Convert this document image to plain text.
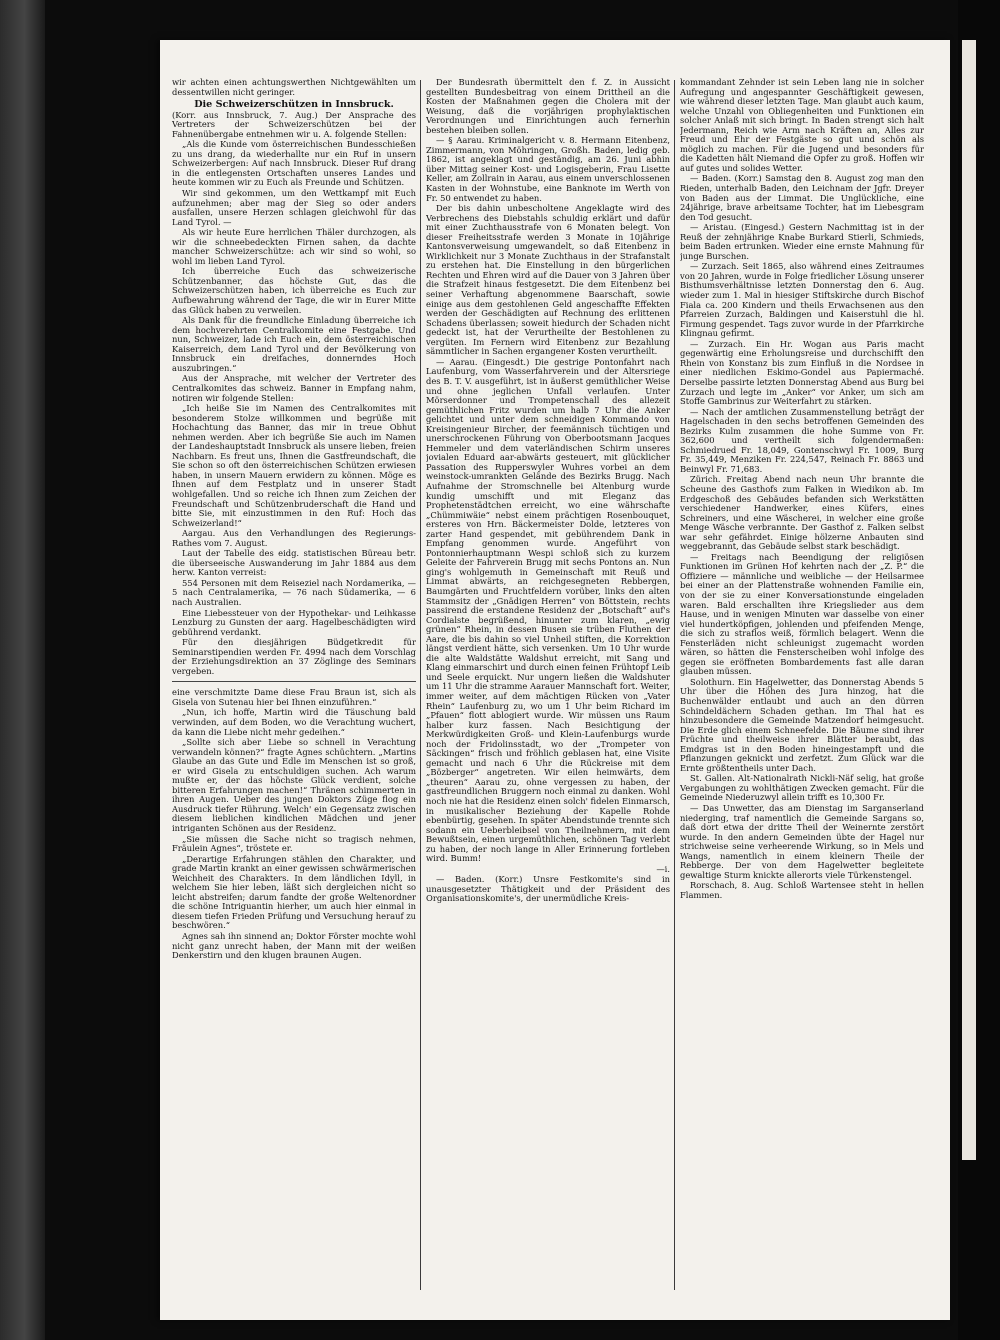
wir achten einen achtungswerthen Nichtgewählten um dessentwillen nicht geringer.

Die Schweizerschützen in Innsbruck.

(Korr. aus Innsbruck, 7. Aug.) Der Ansprache des Vertreters der Schweizerschützen bei der Fahnenübergabe entnehmen wir u. A. folgende Stellen:

„Als die Kunde vom österreichischen Bundesschießen zu uns drang, da wiederhallte nur ein Ruf in unsern Schweizerbergen: Auf nach Innsbruck. Dieser Ruf drang in die entlegensten Ortschaften unseres Landes und heute kommen wir zu Euch als Freunde und Schützen.

Wir sind gekommen, um den Wettkampf mit Euch aufzunehmen; aber mag der Sieg so oder anders ausfallen, unsere Herzen schlagen gleichwohl für das Land Tyrol. —

Als wir heute Eure herrlichen Thäler durchzogen, als wir die schneebedeckten Firnen sahen, da dachte mancher Schweizerschütze: ach wir sind so wohl, so wohl im lieben Land Tyrol.

Ich überreiche Euch das schweizerische Schützenbanner, das höchste Gut, das die Schweizerschützen haben, ich überreiche es Euch zur Aufbewahrung während der Tage, die wir in Eurer Mitte das Glück haben zu verweilen.

Als Dank für die freundliche Einladung überreiche ich dem hochverehrten Centralkomite eine Festgabe. Und nun, Schweizer, lade ich Euch ein, dem österreichischen Kaiserreich, dem Land Tyrol und der Bevölkerung von Innsbruck ein dreifaches, donnerndes Hoch auszubringen.“

Aus der Ansprache, mit welcher der Vertreter des Centralkomites das schweiz. Banner in Empfang nahm, notiren wir folgende Stellen:

„Ich heiße Sie im Namen des Centralkomites mit besonderem Stolze willkommen und begrüße mit Hochachtung das Banner, das mir in treue Obhut nehmen werden. Aber ich begrüße Sie auch im Namen der Landeshauptstadt Innsbruck als unsere lieben, freien Nachbarn. Es freut uns, Ihnen die Gastfreundschaft, die Sie schon so oft den österreichischen Schützen erwiesen haben, in unsern Mauern erwidern zu können. Möge es Ihnen auf dem Festplatz und in unserer Stadt wohlgefallen. Und so reiche ich Ihnen zum Zeichen der Freundschaft und Schützenbruderschaft die Hand und bitte Sie, mit einzustimmen in den Ruf: Hoch das Schweizerland!“

Aargau. Aus den Verhandlungen des Regierungs-Rathes vom 7. August.

Laut der Tabelle des eidg. statistischen Büreau betr. die überseeische Auswanderung im Jahr 1884 aus dem herw. Kanton verreist:

554 Personen mit dem Reiseziel nach Nordamerika, — 5 nach Centralamerika, — 76 nach Südamerika, — 6 nach Australien.

Eine Liebessteuer von der Hypothekar- und Leihkasse Lenzburg zu Gunsten der aarg. Hagelbeschädigten wird gebührend verdankt.

Für den diesjährigen Büdgetkredit für Seminarstipendien werden Fr. 4994 nach dem Vorschlag der Erziehungsdirektion an 37 Zöglinge des Seminars vergeben.

eine verschmitzte Dame diese Frau Braun ist, sich als Gisela von Sutenau hier bei Ihnen einzuführen.“

„Nun, ich hoffe, Martin wird die Täuschung bald verwinden, auf dem Boden, wo die Verachtung wuchert, da kann die Liebe nicht mehr gedeihen.“

„Sollte sich aber Liebe so schnell in Verachtung verwandeln können?“ fragte Agnes schüchtern. „Martins Glaube an das Gute und Edle im Menschen ist so groß, er wird Gisela zu entschuldigen suchen. Ach warum mußte er, der das höchste Glück verdient, solche bitteren Erfahrungen machen!“ Thränen schimmerten in ihren Augen. Ueber des jungen Doktors Züge flog ein Ausdruck tiefer Rührung. Welch' ein Gegensatz zwischen diesem lieblichen kindlichen Mädchen und jener intriganten Schönen aus der Residenz.

„Sie müssen die Sache nicht so tragisch nehmen, Fräulein Agnes“, tröstete er.

„Derartige Erfahrungen stählen den Charakter, und grade Martin krankt an einer gewissen schwärmerischen Weichheit des Charakters. In dem ländlichen Idyll, in welchem Sie hier leben, läßt sich dergleichen nicht so leicht abstreifen; darum fandte der große Weltenordner die schöne Intriguantin hierher, um auch hier einmal in diesem tiefen Frieden Prüfung und Versuchung herauf zu beschwören.“

Agnes sah ihn sinnend an; Doktor Förster mochte wohl nicht ganz unrecht haben, der Mann mit der weißen Denkerstirn und den klugen braunen Augen.

Der Bundesrath übermittelt den f. Z. in Aussicht gestellten Bundesbeitrag von einem Drittheil an die Kosten der Maßnahmen gegen die Cholera mit der Weisung, daß die vorjährigen prophylaktischen Verordnungen und Einrichtungen auch fernerhin bestehen bleiben sollen.

— § Aarau. Kriminalgericht v. 8. Hermann Eitenbenz, Zimmermann, von Möhringen, Großh. Baden, ledig geb. 1862, ist angeklagt und geständig, am 26. Juni abhin über Mittag seiner Kost- und Logisgeberin, Frau Lisette Keller, am Zollrain in Aarau, aus einem unverschlossenen Kasten in der Wohnstube, eine Banknote im Werth von Fr. 50 entwendet zu haben.

Der bis dahin unbescholtene Angeklagte wird des Verbrechens des Diebstahls schuldig erklärt und dafür mit einer Zuchthausstrafe von 6 Monaten belegt. Von dieser Freiheitsstrafe werden 3 Monate in 10jährige Kantonsverweisung umgewandelt, so daß Eitenbenz in Wirklichkeit nur 3 Monate Zuchthaus in der Strafanstalt zu erstehen hat. Die Einstellung in den bürgerlichen Rechten und Ehren wird auf die Dauer von 3 Jahren über die Strafzeit hinaus festgesetzt. Die dem Eitenbenz bei seiner Verhaftung abgenommene Baarschaft, sowie einige aus dem gestohlenen Geld angeschaffte Effekten werden der Geschädigten auf Rechnung des erlittenen Schadens überlassen; soweit hiedurch der Schaden nicht gedeckt ist, hat der Verurtheilte der Bestohlenen zu vergüten. Im Fernern wird Eitenbenz zur Bezahlung sämmtlicher in Sachen ergangener Kosten verurtheilt.

— Aarau. (Eingesdt.) Die gestrige Pontonfahrt nach Laufenburg, vom Wasserfahrverein und der Altersriege des B. T. V. ausgeführt, ist in äußerst gemüthlicher Weise und ohne jeglichen Unfall verlaufen. Unter Mörserdonner und Trompetenschall des allezeit gemüthlichen Fritz wurden um halb 7 Uhr die Anker gelichtet und unter dem schneidigen Kommando von Kreisingenieur Bircher, der feemännisch tüchtigen und unerschrockenen Führung von Oberbootsmann Jacques Hemmeler und dem vaterländischen Schirm unseres jovialen Eduard aar-abwärts gesteuert, mit glücklicher Passation des Rupperswyler Wuhres vorbei an dem weinstock-umrankten Gelände des Bezirks Brugg. Nach Aufnahme der Stromschnelle bei Altenburg wurde kundig umschifft und mit Eleganz das Prophetenstädtchen erreicht, wo eine währschafte „Chümmiwäie“ nebst einem prächtigen Rosenbouquet, ersteres von Hrn. Bäckermeister Dolde, letzteres von zarter Hand gespendet, mit gebührendem Dank in Empfang genommen wurde. Angeführt von Pontonnierhauptmann Wespi schloß sich zu kurzem Geleite der Fahrverein Brugg mit sechs Pontons an. Nun ging's wohlgemuth in Gemeinschaft mit Reuß und Limmat abwärts, an reichgesegneten Rebbergen, Baumgärten und Fruchtfeldern vorüber, links den alten Stammsitz der „Gnädigen Herren“ von Böttstein, rechts passirend die erstandene Residenz der „Botschaft“ auf's Cordialste begrüßend, hinunter zum klaren, „ewig grünen“ Rhein, in dessen Busen sie trüben Fluthen der Aare, die bis dahin so viel Unheil stiften, die Korrektion längst verdient hätte, sich versenken. Um 10 Uhr wurde die alte Waldstätte Waldshut erreicht, mit Sang und Klang einmarschirt und durch einen feinen Frühtopf Leib und Seele erquickt. Nur ungern ließen die Waldshuter um 11 Uhr die stramme Aarauer Mannschaft fort. Weiter, immer weiter, auf dem mächtigen Rücken von „Vater Rhein“ Laufenburg zu, wo um 1 Uhr beim Richard im „Pfauen“ flott ablogiert wurde. Wir müssen uns Raum halber kurz fassen. Nach Besichtigung der Merkwürdigkeiten Groß- und Klein-Laufenburgs wurde noch der Fridolinsstadt, wo der „Trompeter von Säckingen“ frisch und fröhlich geblasen hat, eine Visite gemacht und nach 6 Uhr die Rückreise mit dem „Bözberger“ angetreten. Wir eilen heimwärts, dem „theuren“ Aarau zu, ohne vergessen zu haben, der gastfreundlichen Bruggern noch einmal zu danken. Wohl noch nie hat die Residenz einen solch' fidelen Einmarsch, in musikalischer Beziehung der Kapelle Rohde ebenbürtig, gesehen. In später Abendstunde trennte sich sodann ein Ueberbleibsel von Theilnehmern, mit dem Bewußtsein, einen urgemüthlichen, schönen Tag verlebt zu haben, der noch lange in Aller Erinnerung fortleben wird. Bumm!

—i.

— Baden. (Korr.) Unsre Festkomite's sind in unausgesetzter Thätigkeit und der Präsident des Organisationskomite's, der unermüdliche Kreis-

kommandant Zehnder ist sein Leben lang nie in solcher Aufregung und angespannter Geschäftigkeit gewesen, wie während dieser letzten Tage. Man glaubt auch kaum, welche Unzahl von Obliegenheiten und Funktionen ein solcher Anlaß mit sich bringt. In Baden strengt sich halt Jedermann, Reich wie Arm nach Kräften an, Alles zur Freud und Ehr der Festgäste so gut und schön als möglich zu machen. Für die Jugend und besonders für die Kadetten hält Niemand die Opfer zu groß. Hoffen wir auf gutes und solides Wetter.

— Baden. (Korr.) Samstag den 8. August zog man den Rieden, unterhalb Baden, den Leichnam der Jgfr. Dreyer von Baden aus der Limmat. Die Unglückliche, eine 24jährige, brave arbeitsame Tochter, hat im Liebesgram den Tod gesucht.

— Aristau. (Eingesd.) Gestern Nachmittag ist in der Reuß der zehnjährige Knabe Burkard Stierli, Schmieds, beim Baden ertrunken. Wieder eine ernste Mahnung für junge Burschen.

— Zurzach. Seit 1865, also während eines Zeitraumes von 20 Jahren, wurde in Folge friedlicher Lösung unserer Bisthumsverhältnisse letzten Donnerstag den 6. Aug. wieder zum 1. Mal in hiesiger Stiftskirche durch Bischof Fiala ca. 200 Kindern und theils Erwachsenen aus den Pfarreien Zurzach, Baldingen und Kaiserstuhl die hl. Firmung gespendet. Tags zuvor wurde in der Pfarrkirche Klingnau gefirmt.

— Zurzach. Ein Hr. Wogan aus Paris macht gegenwärtig eine Erholungsreise und durchschifft den Rhein von Konstanz bis zum Einfluß in die Nordsee in einer niedlichen Eskimo-Gondel aus Papiermaché. Derselbe passirte letzten Donnerstag Abend aus Burg bei Zurzach und legte im „Anker“ vor Anker, um sich am Stoffe Gambrinus zur Weiterfahrt zu stärken.

— Nach der amtlichen Zusammenstellung beträgt der Hagelschaden in den sechs betroffenen Gemeinden des Bezirks Kulm zusammen die hohe Summe von Fr. 362,600 und vertheilt sich folgendermaßen: Schmiedrued Fr. 18,049, Gontenschwyl Fr. 1009, Burg Fr. 35,449, Menziken Fr. 224,547, Reinach Fr. 8863 und Beinwyl Fr. 71,683.

Zürich. Freitag Abend nach neun Uhr brannte die Scheune des Gasthofs zum Falken in Wiedikon ab. Im Erdgeschoß des Gebäudes befanden sich Werkstätten verschiedener Handwerker, eines Küfers, eines Schreiners, und eine Wäscherei, in welcher eine große Menge Wäsche verbrannte. Der Gasthof z. Falken selbst war sehr gefährdet. Einige hölzerne Anbauten sind weggebrannt, das Gebäude selbst stark beschädigt.

— Freitags nach Beendigung der religiösen Funktionen im Grünen Hof kehrten nach der „Z. P.“ die Offiziere — männliche und weibliche — der Heilsarmee bei einer an der Plattenstraße wohnenden Familie ein, von der sie zu einer Konversationstunde eingeladen waren. Bald erschallten ihre Kriegslieder aus dem Hause, und in wenigen Minuten war dasselbe von einer viel hundertköpfigen, johlenden und pfeifenden Menge, die sich zu straflos weiß, förmlich belagert. Wenn die Fensterläden nicht schleunigst zugemacht worden wären, so hätten die Fensterscheiben wohl infolge des gegen sie eröffneten Bombardements fast alle daran glauben müssen.

Solothurn. Ein Hagelwetter, das Donnerstag Abends 5 Uhr über die Höhen des Jura hinzog, hat die Buchenwälder entlaubt und auch an den dürren Schindeldächern Schaden gethan. Im Thal hat es hinzubesondere die Gemeinde Matzendorf heimgesucht. Die Erde glich einem Schneefelde. Die Bäume sind ihrer Früchte und theilweise ihrer Blätter beraubt, das Emdgras ist in den Boden hineingestampft und die Pflanzungen geknickt und zerfetzt. Zum Glück war die Ernte größtentheils unter Dach.

St. Gallen. Alt-Nationalrath Nickli-Näf selig, hat große Vergabungen zu wohlthätigen Zwecken gemacht. Für die Gemeinde Niederuzwyl allein trifft es 10,300 Fr.

— Das Unwetter, das am Dienstag im Sarganserland niederging, traf namentlich die Gemeinde Sargans so, daß dort etwa der dritte Theil der Weinernte zerstört wurde. In den andern Gemeinden übte der Hagel nur strichweise seine verheerende Wirkung, so in Mels und Wangs, namentlich in einem kleinern Theile der Rebberge. Der von dem Hagelwetter begleitete gewaltige Sturm knickte allerorts viele Türkenstengel.

Rorschach, 8. Aug. Schloß Wartensee steht in hellen Flammen.
